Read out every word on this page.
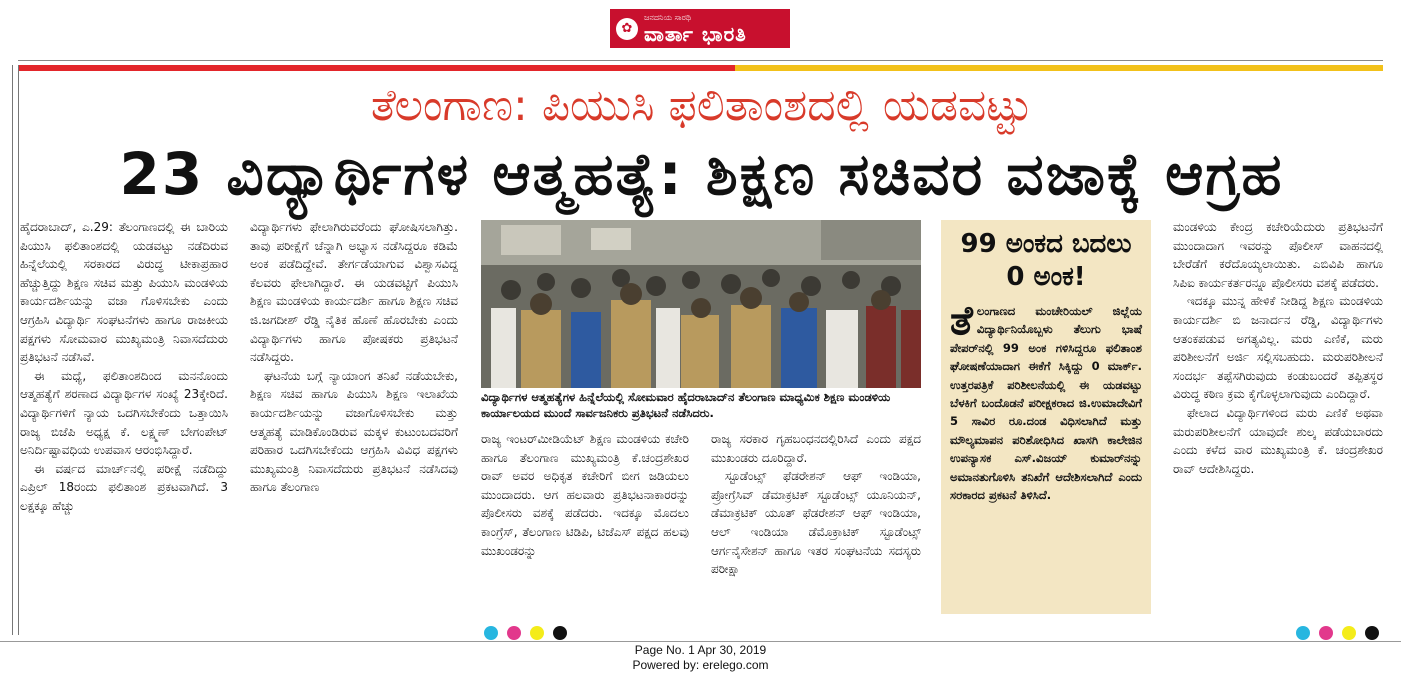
✿
ಜನದನಿಯ ಸಾರಥಿ
ವಾರ್ತಾ ಭಾರತಿ
ತೆಲಂಗಾಣ: ಪಿಯುಸಿ ಫಲಿತಾಂಶದಲ್ಲಿ ಯಡವಟ್ಟು
23 ವಿದ್ಯಾರ್ಥಿಗಳ ಆತ್ಮಹತ್ಯೆ: ಶಿಕ್ಷಣ ಸಚಿವರ ವಜಾಕ್ಕೆ ಆಗ್ರಹ

ಹೈದರಾಬಾದ್, ಎ.29: ತೆಲಂಗಾಣದಲ್ಲಿ ಈ ಬಾರಿಯ ಪಿಯುಸಿ ಫಲಿತಾಂಶದಲ್ಲಿ ಯಡವಟ್ಟು ನಡೆದಿರುವ ಹಿನ್ನೆಲೆಯಲ್ಲಿ ಸರಕಾರದ ವಿರುದ್ಧ ಟೀಕಾಪ್ರಹಾರ ಹೆಚ್ಚುತ್ತಿದ್ದು ಶಿಕ್ಷಣ ಸಚಿವ ಮತ್ತು ಪಿಯುಸಿ ಮಂಡಳಿಯ ಕಾರ್ಯದರ್ಶಿಯನ್ನು ವಜಾ ಗೊಳಿಸಬೇಕು ಎಂದು ಆಗ್ರಹಿಸಿ ವಿದ್ಯಾರ್ಥಿ ಸಂಘಟನೆಗಳು ಹಾಗೂ ರಾಜಕೀಯ ಪಕ್ಷಗಳು ಸೋಮವಾರ ಮುಖ್ಯಮಂತ್ರಿ ನಿವಾಸದೆದುರು ಪ್ರತಿಭಟನೆ ನಡೆಸಿವೆ.

ಈ ಮಧ್ಯೆ, ಫಲಿತಾಂಶದಿಂದ ಮನನೊಂದು ಆತ್ಮಹತ್ಯೆಗೆ ಶರಣಾದ ವಿದ್ಯಾರ್ಥಿಗಳ ಸಂಖ್ಯೆ 23ಕ್ಕೇರಿದೆ. ವಿದ್ಯಾರ್ಥಿಗಳಿಗೆ ನ್ಯಾಯ ಒದಗಿಸಬೇಕೆಂದು ಒತ್ತಾಯಿಸಿ ರಾಜ್ಯ ಬಿಜೆಪಿ ಅಧ್ಯಕ್ಷ ಕೆ. ಲಕ್ಷ್ಮಣ್ ಬೇಗಂಪೇಟ್ ಅನಿರ್ದಿಷ್ಟಾವಧಿಯ ಉಪವಾಸ ಆರಂಭಿಸಿದ್ದಾರೆ.

ಈ ವರ್ಷದ ಮಾರ್ಚ್‌ನಲ್ಲಿ ಪರೀಕ್ಷೆ ನಡೆದಿದ್ದು ಎಪ್ರಿಲ್ 18ರಂದು ಫಲಿತಾಂಶ ಪ್ರಕಟವಾಗಿದೆ. 3 ಲಕ್ಷಕ್ಕೂ ಹೆಚ್ಚು

ವಿದ್ಯಾರ್ಥಿಗಳು ಫೇಲಾಗಿರುವರೆಂದು ಘೋಷಿಸಲಾಗಿತ್ತು. ತಾವು ಪರೀಕ್ಷೆಗೆ ಚೆನ್ನಾಗಿ ಅಭ್ಯಾಸ ನಡೆಸಿದ್ದರೂ ಕಡಿಮೆ ಅಂಕ ಪಡೆದಿದ್ದೇವೆ. ತೇರ್ಗಡೆಯಾಗುವ ವಿಶ್ವಾಸವಿದ್ದ ಕೆಲವರು ಫೇಲಾಗಿದ್ದಾರೆ. ಈ ಯಡವಟ್ಟಿಗೆ ಪಿಯುಸಿ ಶಿಕ್ಷಣ ಮಂಡಳಿಯ ಕಾರ್ಯದರ್ಶಿ ಹಾಗೂ ಶಿಕ್ಷಣ ಸಚಿವ ಜಿ.ಜಗದೀಶ್ ರೆಡ್ಡಿ ನೈತಿಕ ಹೊಣೆ ಹೊರಬೇಕು ಎಂದು ವಿದ್ಯಾರ್ಥಿಗಳು ಹಾಗೂ ಪೋಷಕರು ಪ್ರತಿಭಟನೆ ನಡೆಸಿದ್ದರು.

ಘಟನೆಯ ಬಗ್ಗೆ ನ್ಯಾಯಾಂಗ ತನಿಖೆ ನಡೆಯಬೇಕು, ಶಿಕ್ಷಣ ಸಚಿವ ಹಾಗೂ ಪಿಯುಸಿ ಶಿಕ್ಷಣ ಇಲಾಖೆಯ ಕಾರ್ಯದರ್ಶಿಯನ್ನು ವಜಾಗೊಳಿಸಬೇಕು ಮತ್ತು ಆತ್ಮಹತ್ಯೆ ಮಾಡಿಕೊಂಡಿರುವ ಮಕ್ಕಳ ಕುಟುಂಬದವರಿಗೆ ಪರಿಹಾರ ಒದಗಿಸಬೇಕೆಂದು ಆಗ್ರಹಿಸಿ ವಿವಿಧ ಪಕ್ಷಗಳು ಮುಖ್ಯಮಂತ್ರಿ ನಿವಾಸದೆದುರು ಪ್ರತಿಭಟನೆ ನಡೆಸಿದವು ಹಾಗೂ ತೆಲಂಗಾಣ

ವಿದ್ಯಾರ್ಥಿಗಳ ಆತ್ಮಹತ್ಯೆಗಳ ಹಿನ್ನೆಲೆಯಲ್ಲಿ ಸೋಮವಾರ ಹೈದರಾಬಾದ್‌ನ ತೆಲಂಗಾಣ ಮಾಧ್ಯಮಿಕ ಶಿಕ್ಷಣ ಮಂಡಳಿಯ ಕಾರ್ಯಾಲಯದ ಮುಂದೆ ಸಾರ್ವಜನಿಕರು ಪ್ರತಿಭಟನೆ ನಡೆಸಿದರು.

ರಾಜ್ಯ ಇಂಟರ್‌ಮೀಡಿಯೆಟ್ ಶಿಕ್ಷಣ ಮಂಡಳಿಯ ಕಚೇರಿ ಹಾಗೂ ತೆಲಂಗಾಣ ಮುಖ್ಯಮಂತ್ರಿ ಕೆ.ಚಂದ್ರಶೇಖರ ರಾವ್ ಅವರ ಅಧಿಕೃತ ಕಚೇರಿಗೆ ಬೀಗ ಜಡಿಯಲು ಮುಂದಾದರು. ಆಗ ಹಲವಾರು ಪ್ರತಿಭಟನಾಕಾರರನ್ನು ಪೊಲೀಸರು ವಶಕ್ಕೆ ಪಡೆದರು. ಇದಕ್ಕೂ ಮೊದಲು ಕಾಂಗ್ರೆಸ್, ತೆಲಂಗಾಣ ಟಿಡಿಪಿ, ಟಿಜೆಎಸ್ ಪಕ್ಷದ ಹಲವು ಮುಖಂಡರನ್ನು

ರಾಜ್ಯ ಸರಕಾರ ಗೃಹಬಂಧನದಲ್ಲಿರಿಸಿದೆ ಎಂದು ಪಕ್ಷದ ಮುಖಂಡರು ದೂರಿದ್ದಾರೆ.

ಸ್ಟೂಡೆಂಟ್ಸ್ ಫೆಡರೇಶನ್ ಆಫ್ ಇಂಡಿಯಾ, ಪ್ರೋಗ್ರೆಸಿವ್ ಡೆಮಾಕ್ರಟಿಕ್ ಸ್ಟೂಡೆಂಟ್ಸ್ ಯೂನಿಯನ್, ಡೆಮಾಕ್ರಟಿಕ್ ಯೂತ್ ಫೆಡರೇಶನ್ ಆಫ್ ಇಂಡಿಯಾ, ಆಲ್ ಇಂಡಿಯಾ ಡೆಮೊಕ್ರಾಟಿಕ್ ಸ್ಟೂಡೆಂಟ್ಸ್ ಆರ್ಗನೈಸೇಶನ್ ಹಾಗೂ ಇತರ ಸಂಘಟನೆಯ ಸದಸ್ಯರು ಪರೀಕ್ಷಾ

99 ಅಂಕದ ಬದಲು 0 ಅಂಕ!
ತೆಲಂಗಾಣದ ಮಂಚೇರಿಯಲ್ ಜಿಲ್ಲೆಯ ವಿದ್ಯಾರ್ಥಿನಿಯೊಬ್ಬಳು ತೆಲುಗು ಭಾಷೆ ಪೇಪರ್‌ನಲ್ಲಿ 99 ಅಂಕ ಗಳಿಸಿದ್ದರೂ ಫಲಿತಾಂಶ ಘೋಷಣೆಯಾದಾಗ ಈಕೆಗೆ ಸಿಕ್ಕಿದ್ದು 0 ಮಾರ್ಕ್. ಉತ್ತರಪತ್ರಿಕೆ ಪರಿಶೀಲನೆಯಲ್ಲಿ ಈ ಯಡವಟ್ಟು ಬೆಳಕಿಗೆ ಬಂದೊಡನೆ ಪರೀಕ್ಷಕರಾದ ಜಿ.ಉಮಾದೇವಿಗೆ 5 ಸಾವಿರ ರೂ.ದಂಡ ವಿಧಿಸಲಾಗಿದೆ ಮತ್ತು ಮೌಲ್ಯಮಾಪನ ಪರಿಶೋಧಿಸಿದ ಖಾಸಗಿ ಕಾಲೇಜಿನ ಉಪನ್ಯಾಸಕ ಎಸ್.ವಿಜಯ್ ಕುಮಾರ್‌ನನ್ನು ಅಮಾನತುಗೊಳಿಸಿ ತನಿಖೆಗೆ ಆದೇಶಿಸಲಾಗಿದೆ ಎಂದು ಸರಕಾರದ ಪ್ರಕಟನೆ ತಿಳಿಸಿದೆ.

ಮಂಡಳಿಯ ಕೇಂದ್ರ ಕಚೇರಿಯೆದುರು ಪ್ರತಿಭಟನೆಗೆ ಮುಂದಾದಾಗ ಇವರನ್ನು ಪೊಲೀಸ್ ವಾಹನದಲ್ಲಿ ಬೇರೆಡೆಗೆ ಕರೆದೊಯ್ಯಲಾಯಿತು. ಎಬಿವಿಪಿ ಹಾಗೂ ಸಿಪಿಐ ಕಾರ್ಯಕರ್ತರನ್ನೂ ಪೊಲೀಸರು ವಶಕ್ಕೆ ಪಡೆದರು.

ಇದಕ್ಕೂ ಮುನ್ನ ಹೇಳಿಕೆ ನೀಡಿದ್ದ ಶಿಕ್ಷಣ ಮಂಡಳಿಯ ಕಾರ್ಯದರ್ಶಿ ಬಿ ಜನಾರ್ದನ ರೆಡ್ಡಿ, ವಿದ್ಯಾರ್ಥಿಗಳು ಆತಂಕಪಡುವ ಅಗತ್ಯವಿಲ್ಲ. ಮರು ಎಣಿಕೆ, ಮರು ಪರಿಶೀಲನೆಗೆ ಅರ್ಜಿ ಸಲ್ಲಿಸಬಹುದು. ಮರುಪರಿಶೀಲನೆ ಸಂದರ್ಭ ತಪ್ಪೆಸಗಿರುವುದು ಕಂಡುಬಂದರೆ ತಪ್ಪಿತಸ್ಥರ ವಿರುದ್ಧ ಕಠಿಣ ಕ್ರಮ ಕೈಗೊಳ್ಳಲಾಗುವುದು ಎಂದಿದ್ದಾರೆ.

ಫೇಲಾದ ವಿದ್ಯಾರ್ಥಿಗಳಿಂದ ಮರು ಎಣಿಕೆ ಅಥವಾ ಮರುಪರಿಶೀಲನೆಗೆ ಯಾವುದೇ ಶುಲ್ಕ ಪಡೆಯಬಾರದು ಎಂದು ಕಳೆದ ವಾರ ಮುಖ್ಯಮಂತ್ರಿ ಕೆ. ಚಂದ್ರಶೇಖರ ರಾವ್ ಆದೇಶಿಸಿದ್ದರು.

Page No. 1 Apr 30, 2019
Powered by: erelego.com
